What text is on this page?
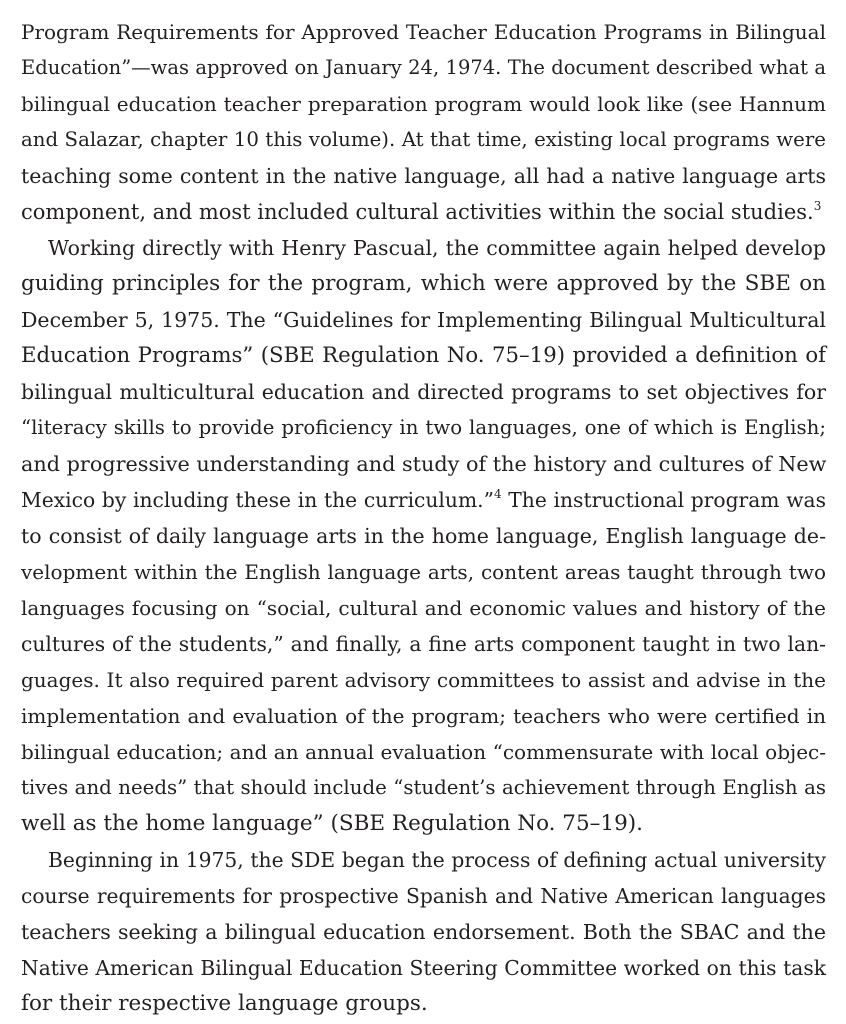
Program Requirements for Approved Teacher Education Programs in Bilingual
Education”—was approved on January 24, 1974. The document described what a
bilingual education teacher preparation program would look like (see Hannum
and Salazar, chapter 10 this volume). At that time, existing local programs were
teaching some content in the native language, all had a native language arts
component, and most included cultural activities within the social studies.$^3$
Working directly with Henry Pascual, the committee again helped develop
guiding principles for the program, which were approved by the SBE on
December 5, 1975. The “Guidelines for Implementing Bilingual Multicultural
Education Programs” (SBE Regulation No. 75–19) provided a definition of
bilingual multicultural education and directed programs to set objectives for
“literacy skills to provide proficiency in two languages, one of which is English;
and progressive understanding and study of the history and cultures of New
Mexico by including these in the curriculum.”$^4$ The instructional program was
to consist of daily language arts in the home language, English language de-
velopment within the English language arts, content areas taught through two
languages focusing on “social, cultural and economic values and history of the
cultures of the students,” and finally, a fine arts component taught in two lan-
guages. It also required parent advisory committees to assist and advise in the
implementation and evaluation of the program; teachers who were certified in
bilingual education; and an annual evaluation “commensurate with local objec-
tives and needs” that should include “student’s achievement through English as
well as the home language” (SBE Regulation No. 75–19).
Beginning in 1975, the SDE began the process of defining actual university
course requirements for prospective Spanish and Native American languages
teachers seeking a bilingual education endorsement. Both the SBAC and the
Native American Bilingual Education Steering Committee worked on this task
for their respective language groups.
